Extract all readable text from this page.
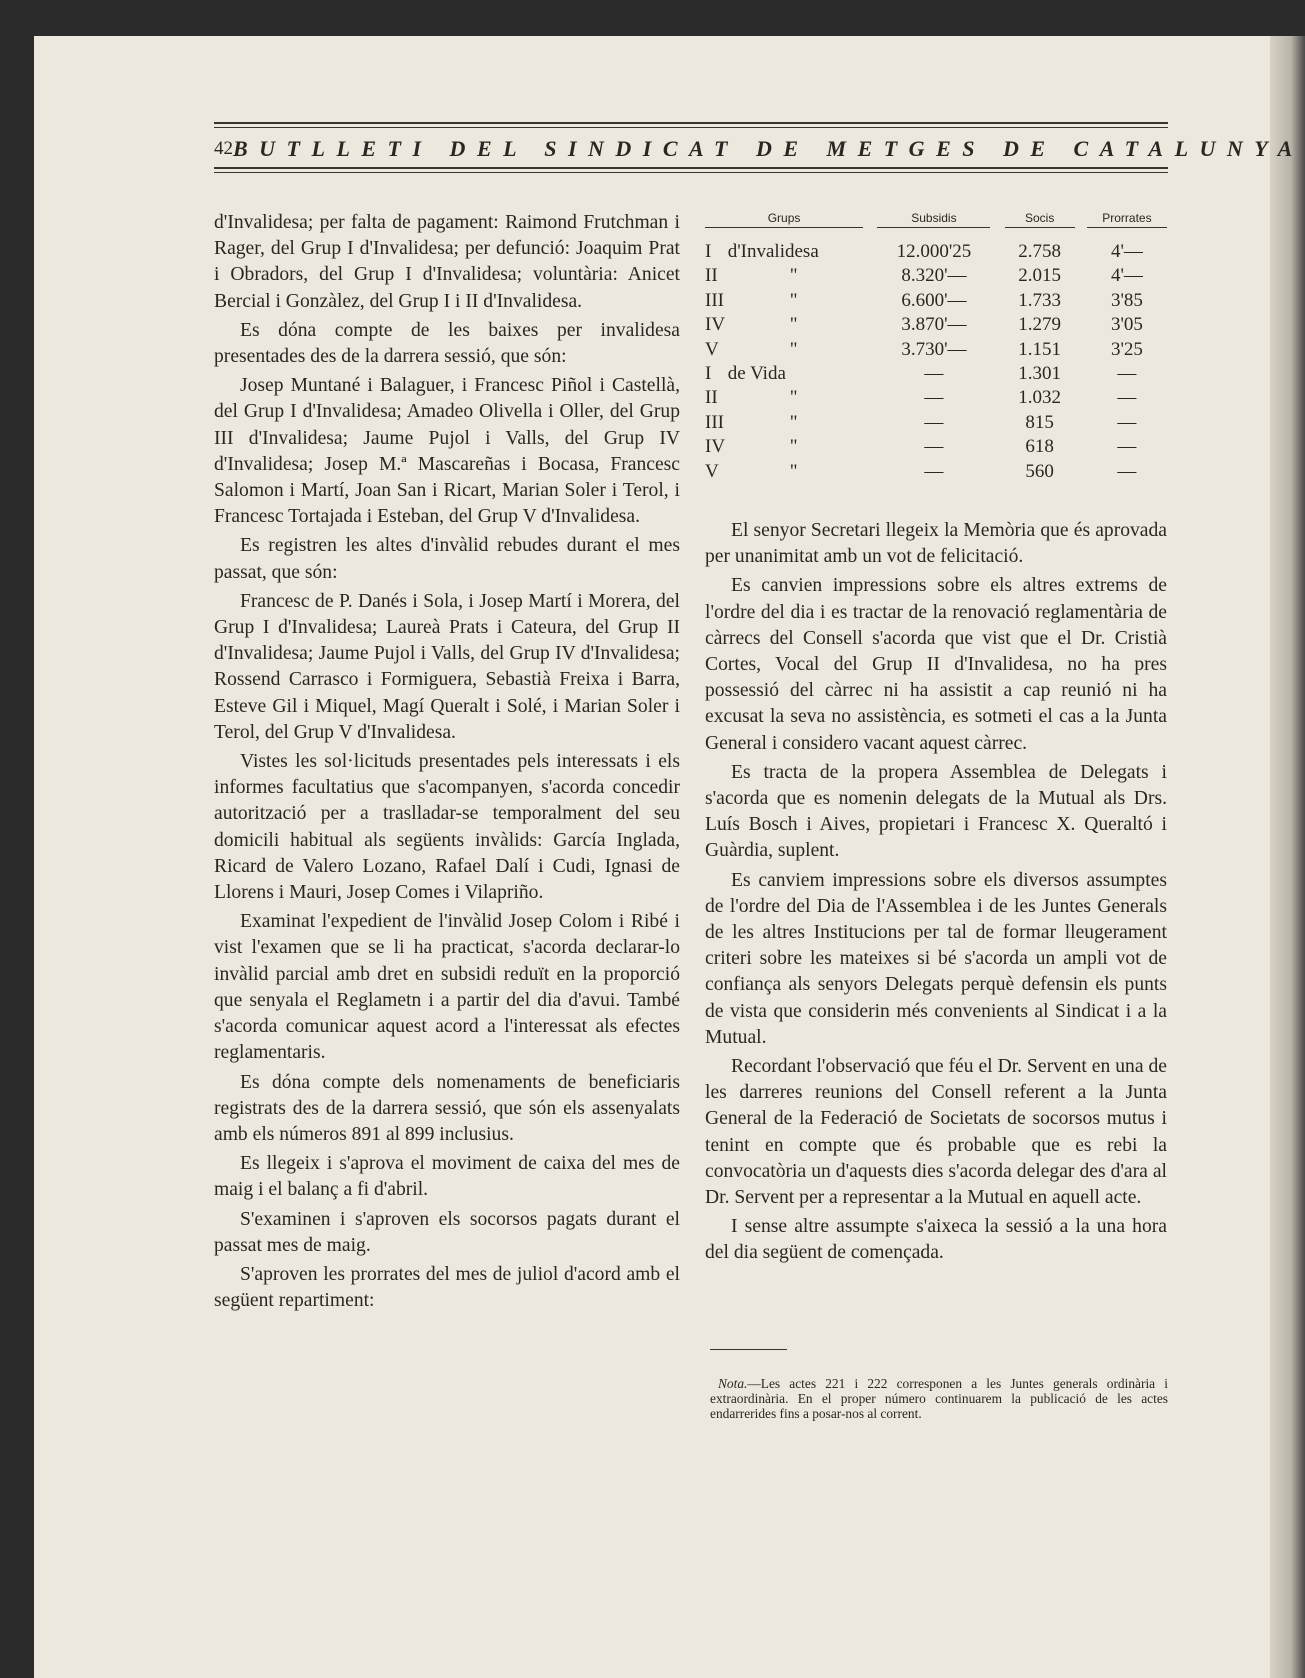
42 BUTLLETI DEL SINDICAT DE METGES DE CATALUNYA

d'Invalidesa; per falta de pagament: Raimond Frutchman i Rager, del Grup I d'Invalidesa; per defunció: Joaquim Prat i Obradors, del Grup I d'Invalidesa; voluntària: Anicet Bercial i Gonzàlez, del Grup I i II d'Invalidesa.

Es dóna compte de les baixes per invalidesa presentades des de la darrera sessió, que són:

Josep Muntané i Balaguer, i Francesc Piñol i Castellà, del Grup I d'Invalidesa; Amadeo Olivella i Oller, del Grup III d'Invalidesa; Jaume Pujol i Valls, del Grup IV d'Invalidesa; Josep M.ª Mascareñas i Bocasa, Francesc Salomon i Martí, Joan San i Ricart, Marian Soler i Terol, i Francesc Tortajada i Esteban, del Grup V d'Invalidesa.

Es registren les altes d'invàlid rebudes durant el mes passat, que són:

Francesc de P. Danés i Sola, i Josep Martí i Morera, del Grup I d'Invalidesa; Laureà Prats i Cateura, del Grup II d'Invalidesa; Jaume Pujol i Valls, del Grup IV d'Invalidesa; Rossend Carrasco i Formiguera, Sebastià Freixa i Barra, Esteve Gil i Miquel, Magí Queralt i Solé, i Marian Soler i Terol, del Grup V d'Invalidesa.

Vistes les sol·licituds presentades pels interessats i els informes facultatius que s'acompanyen, s'acorda concedir autorització per a traslladar-se temporalment del seu domicili habitual als següents invàlids: García Inglada, Ricard de Valero Lozano, Rafael Dalí i Cudi, Ignasi de Llorens i Mauri, Josep Comes i Vilapriño.

Examinat l'expedient de l'invàlid Josep Colom i Ribé i vist l'examen que se li ha practicat, s'acorda declarar-lo invàlid parcial amb dret en subsidi reduït en la proporció que senyala el Reglametn i a partir del dia d'avui. També s'acorda comunicar aquest acord a l'interessat als efectes reglamentaris.

Es dóna compte dels nomenaments de beneficiaris registrats des de la darrera sessió, que són els assenyalats amb els números 891 al 899 inclusius.

Es llegeix i s'aprova el moviment de caixa del mes de maig i el balanç a fi d'abril.

S'examinen i s'aproven els socorsos pagats durant el passat mes de maig.

S'aproven les prorrates del mes de juliol d'acord amb el següent repartiment:

Grups		Subsidis		Socis		Prorrates

I d'Invalidesa		12.000'25		2.758		4'—
II "		8.320'—		2.015		4'—
III "		6.600'—		1.733		3'85
IV "		3.870'—		1.279		3'05
V "		3.730'—		1.151		3'25
I de Vida		—		1.301		—
II "		—		1.032		—
III "		—		815		—
IV "		—		618		—
V "		—		560		—

El senyor Secretari llegeix la Memòria que és aprovada per unanimitat amb un vot de felicitació.

Es canvien impressions sobre els altres extrems de l'ordre del dia i es tractar de la renovació reglamentària de càrrecs del Consell s'acorda que vist que el Dr. Cristià Cortes, Vocal del Grup II d'Invalidesa, no ha pres possessió del càrrec ni ha assistit a cap reunió ni ha excusat la seva no assistència, es sotmeti el cas a la Junta General i considero vacant aquest càrrec.

Es tracta de la propera Assemblea de Delegats i s'acorda que es nomenin delegats de la Mutual als Drs. Luís Bosch i Aives, propietari i Francesc X. Queraltó i Guàrdia, suplent.

Es canviem impressions sobre els diversos assumptes de l'ordre del Dia de l'Assemblea i de les Juntes Generals de les altres Institucions per tal de formar lleugerament criteri sobre les mateixes si bé s'acorda un ampli vot de confiança als senyors Delegats perquè defensin els punts de vista que considerin més convenients al Sindicat i a la Mutual.

Recordant l'observació que féu el Dr. Servent en una de les darreres reunions del Consell referent a la Junta General de la Federació de Societats de socorsos mutus i tenint en compte que és probable que es rebi la convocatòria un d'aquests dies s'acorda delegar des d'ara al Dr. Servent per a representar a la Mutual en aquell acte.

I sense altre assumpte s'aixeca la sessió a la una hora del dia següent de començada.

Nota.—Les actes 221 i 222 corresponen a les Juntes generals ordinària i extraordinària. En el proper número continuarem la publicació de les actes endarrerides fins a posar-nos al corrent.
